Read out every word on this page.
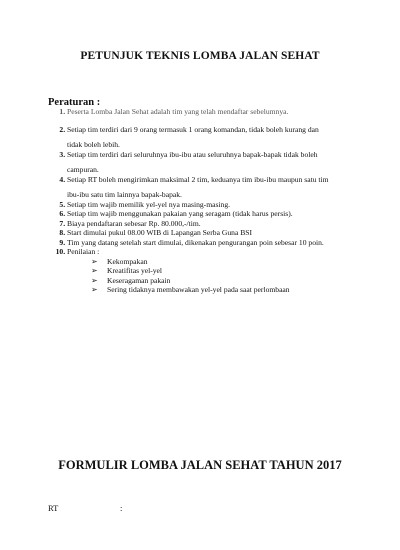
PETUNJUK TEKNIS LOMBA JALAN SEHAT
Peraturan :
1. Peserta Lomba Jalan Sehat adalah tim yang telah mendaftar sebelumnya.
2. Setiap tim terdiri dari 9 orang termasuk 1 orang komandan, tidak boleh kurang dan
tidak boleh lebih.
3. Setiap tim terdiri dari seluruhnya ibu-ibu atau seluruhnya bapak-bapak tidak boleh
campuran.
4. Setiap RT boleh mengirimkan maksimal 2 tim, keduanya tim ibu-ibu maupun satu tim
ibu-ibu satu tim lainnya bapak-bapak.
5. Setiap tim wajib memilik yel-yel nya masing-masing.
6. Setiap tim wajib menggunakan pakaian yang seragam (tidak harus persis).
7. Biaya pendaftaran sebesar Rp. 80.000,-/tim.
8. Start dimulai pukul 08.00 WIB di Lapangan Serba Guna BSI
9. Tim yang datang setelah start dimulai, dikenakan pengurangan poin sebesar 10 poin.
10. Penilaian :
➢ Kekompakan
➢ Kreatifitas yel-yel
➢ Keseragaman pakain
➢ Sering tidaknya membawakan yel-yel pada saat perlombaan
FORMULIR LOMBA JALAN SEHAT TAHUN 2017
RT	:
